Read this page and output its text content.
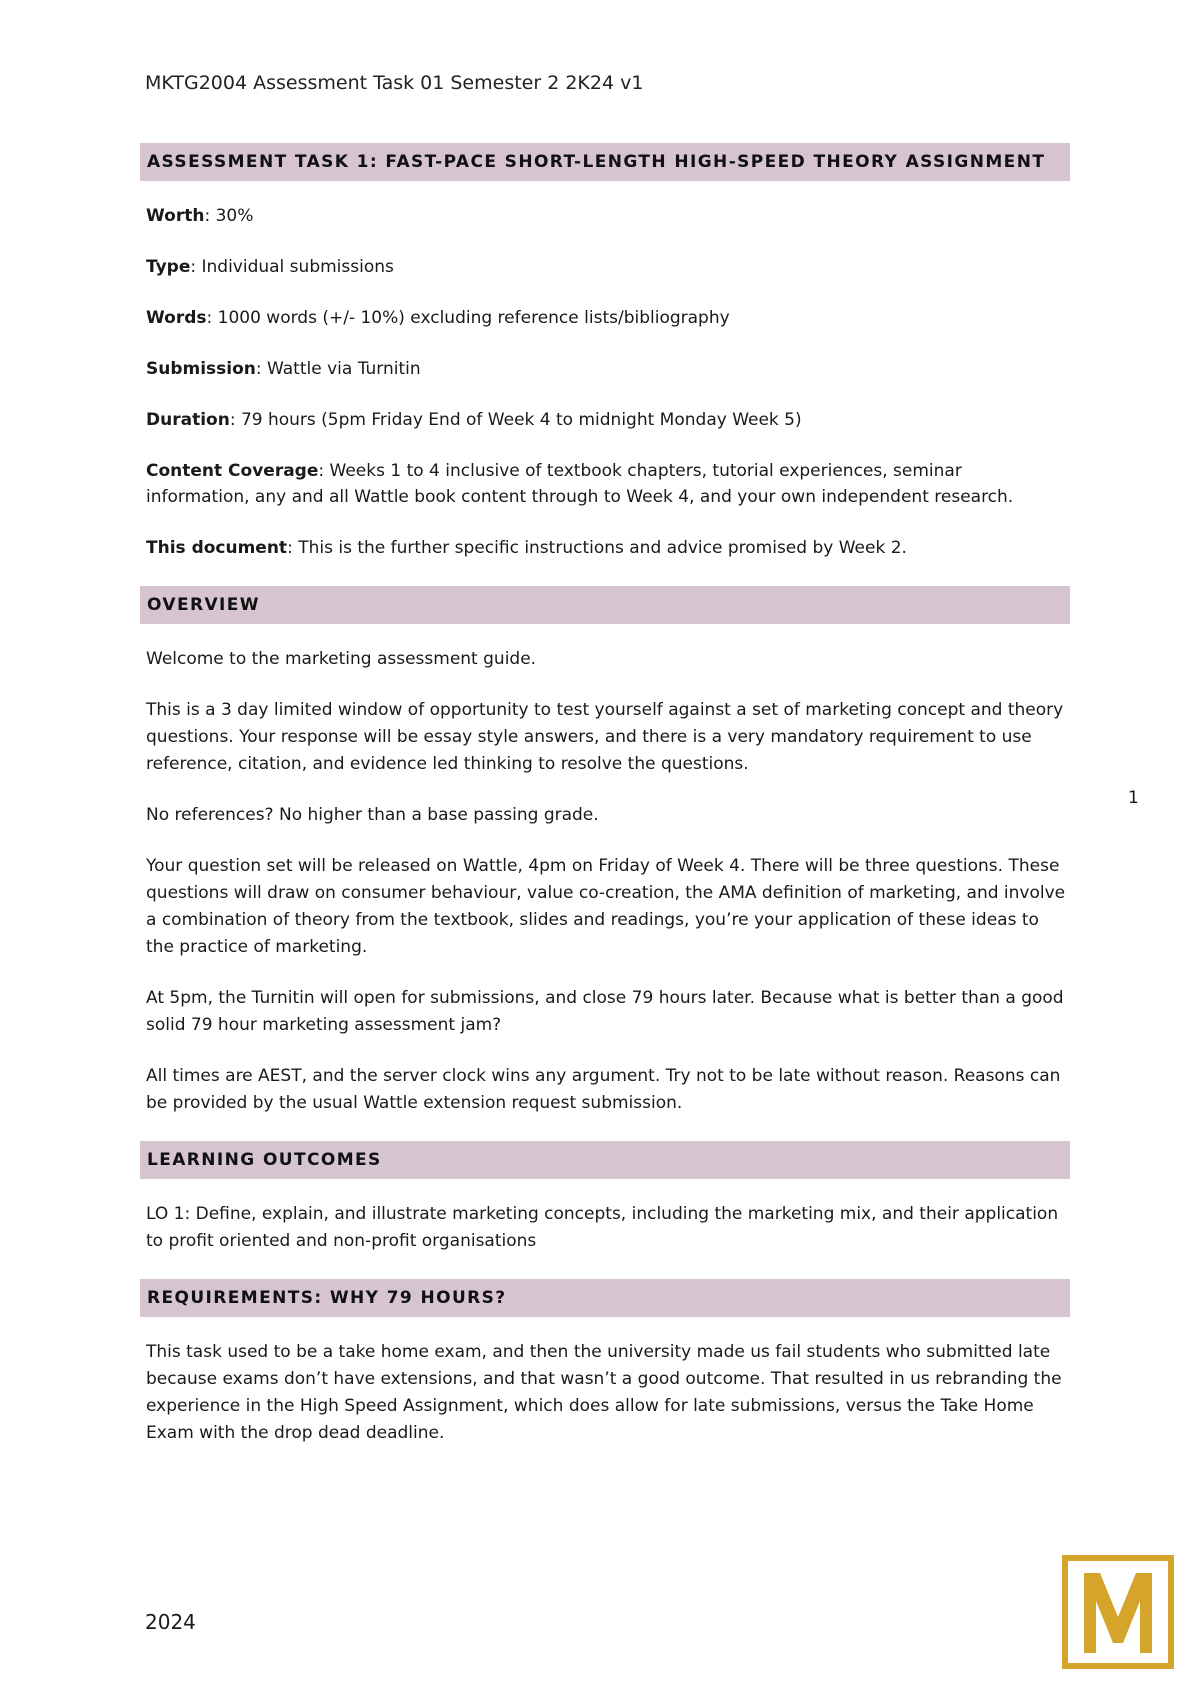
MKTG2004 Assessment Task 01 Semester 2 2K24 v1
ASSESSMENT TASK 1: FAST-PACE SHORT-LENGTH HIGH-SPEED THEORY ASSIGNMENT
Worth: 30%
Type: Individual submissions
Words: 1000 words (+/- 10%) excluding reference lists/bibliography
Submission: Wattle via Turnitin
Duration: 79 hours (5pm Friday End of Week 4 to midnight Monday Week 5)
Content Coverage: Weeks 1 to 4 inclusive of textbook chapters, tutorial experiences, seminar information, any and all Wattle book content through to Week 4, and your own independent research.
This document: This is the further specific instructions and advice promised by Week 2.
OVERVIEW
Welcome to the marketing assessment guide.
This is a 3 day limited window of opportunity to test yourself against a set of marketing concept and theory questions. Your response will be essay style answers, and there is a very mandatory requirement to use reference, citation, and evidence led thinking to resolve the questions.
No references? No higher than a base passing grade.
Your question set will be released on Wattle, 4pm on Friday of Week 4. There will be three questions. These questions will draw on consumer behaviour, value co-creation, the AMA definition of marketing, and involve a combination of theory from the textbook, slides and readings, you’re your application of these ideas to the practice of marketing.
At 5pm, the Turnitin will open for submissions, and close 79 hours later. Because what is better than a good solid 79 hour marketing assessment jam?
All times are AEST, and the server clock wins any argument. Try not to be late without reason. Reasons can be provided by the usual Wattle extension request submission.
LEARNING OUTCOMES
LO 1: Define, explain, and illustrate marketing concepts, including the marketing mix, and their application to profit oriented and non-profit organisations
REQUIREMENTS: WHY 79 HOURS?
This task used to be a take home exam, and then the university made us fail students who submitted late because exams don’t have extensions, and that wasn’t a good outcome. That resulted in us rebranding the experience in the High Speed Assignment, which does allow for late submissions, versus the Take Home Exam with the drop dead deadline.
1
2024
